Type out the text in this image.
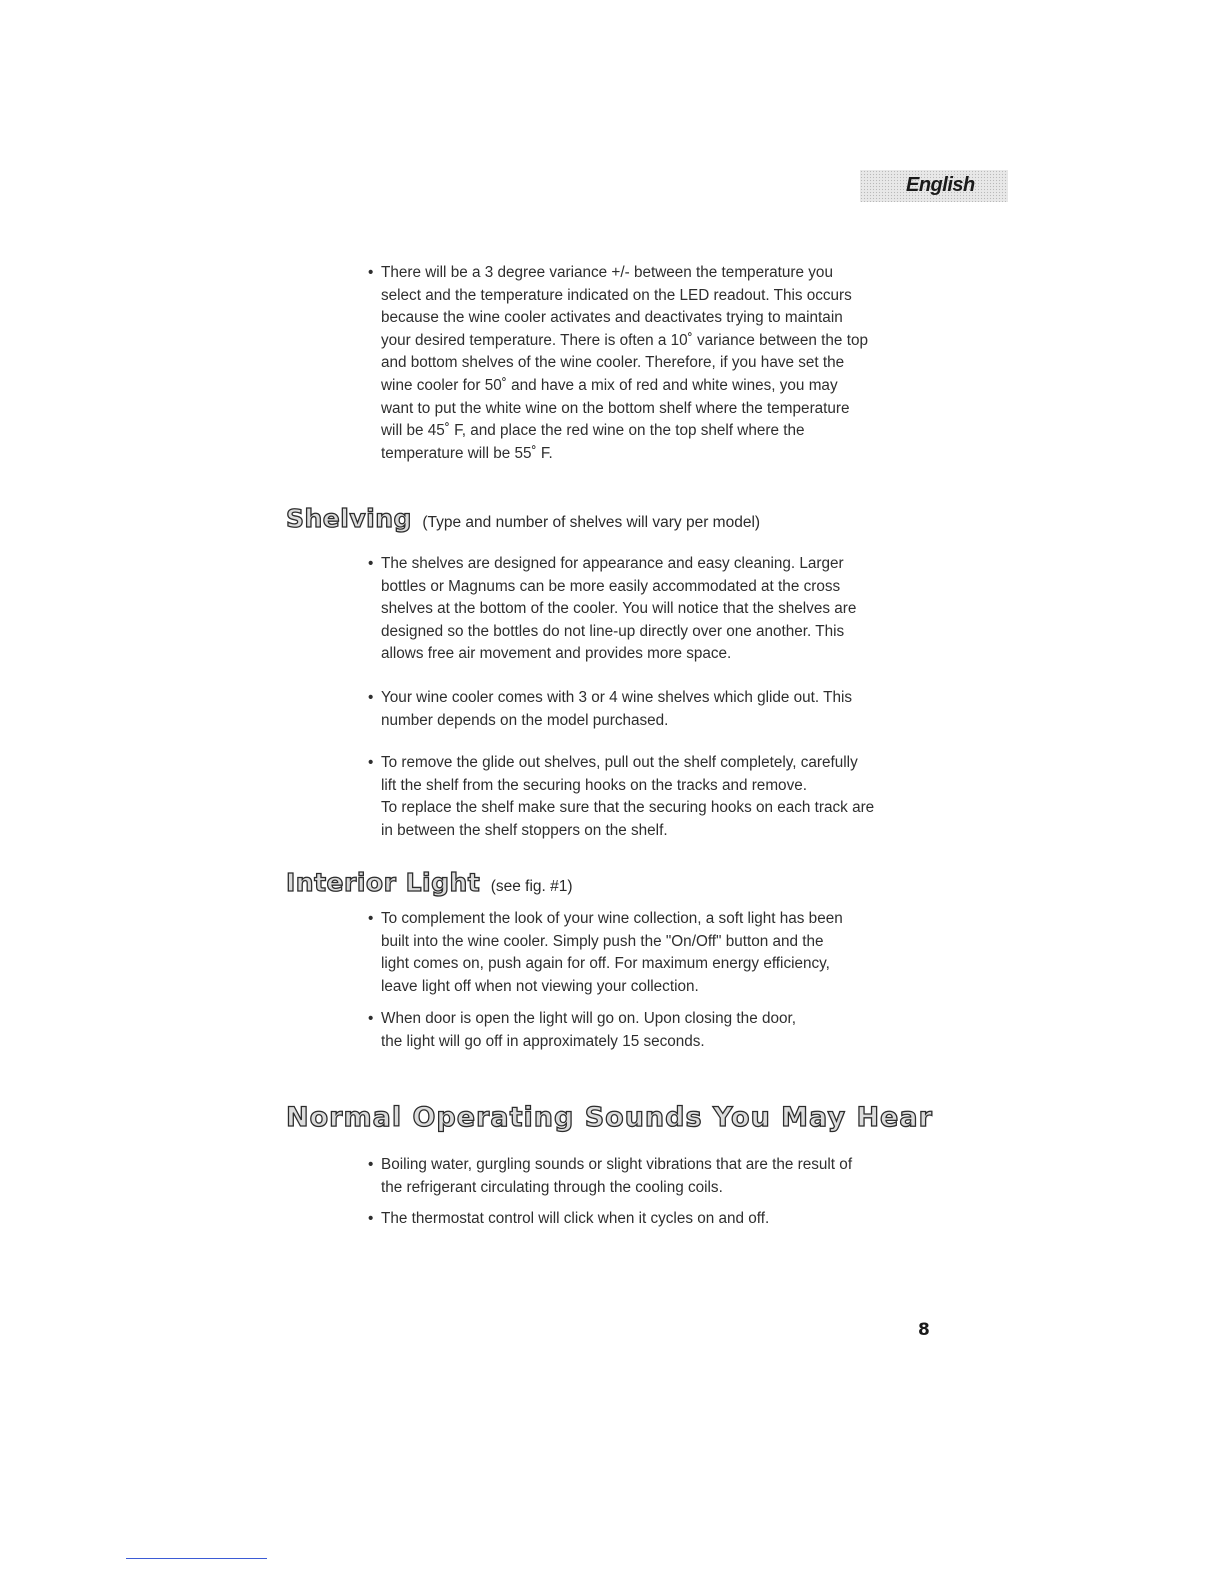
English

• There will be a 3 degree variance +/- between the temperature you
select and the temperature indicated on the LED readout. This occurs
because the wine cooler activates and deactivates trying to maintain
your desired temperature. There is often a 10˚ variance between the top
and bottom shelves of the wine cooler. Therefore, if you have set the
wine cooler for 50˚ and have a mix of red and white wines, you may
want to put the white wine on the bottom shelf where the temperature
will be 45˚ F, and place the red wine on the top shelf where the
temperature will be 55˚ F.

Shelving (Type and number of shelves will vary per model)

• The shelves are designed for appearance and easy cleaning. Larger
bottles or Magnums can be more easily accommodated at the cross
shelves at the bottom of the cooler. You will notice that the shelves are
designed so the bottles do not line-up directly over one another. This
allows free air movement and provides more space.

• Your wine cooler comes with 3 or 4 wine shelves which glide out. This
number depends on the model purchased.

• To remove the glide out shelves, pull out the shelf completely, carefully
lift the shelf from the securing hooks on the tracks and remove.
To replace the shelf make sure that the securing hooks on each track are
in between the shelf stoppers on the shelf.

Interior Light (see fig. #1)

• To complement the look of your wine collection, a soft light has been
built into the wine cooler. Simply push the "On/Off" button and the
light comes on, push again for off. For maximum energy efficiency,
leave light off when not viewing your collection.

• When door is open the light will go on. Upon closing the door,
the light will go off in approximately 15 seconds.

Normal Operating Sounds You May Hear

• Boiling water, gurgling sounds or slight vibrations that are the result of
the refrigerant circulating through the cooling coils.

• The thermostat control will click when it cycles on and off.

8
